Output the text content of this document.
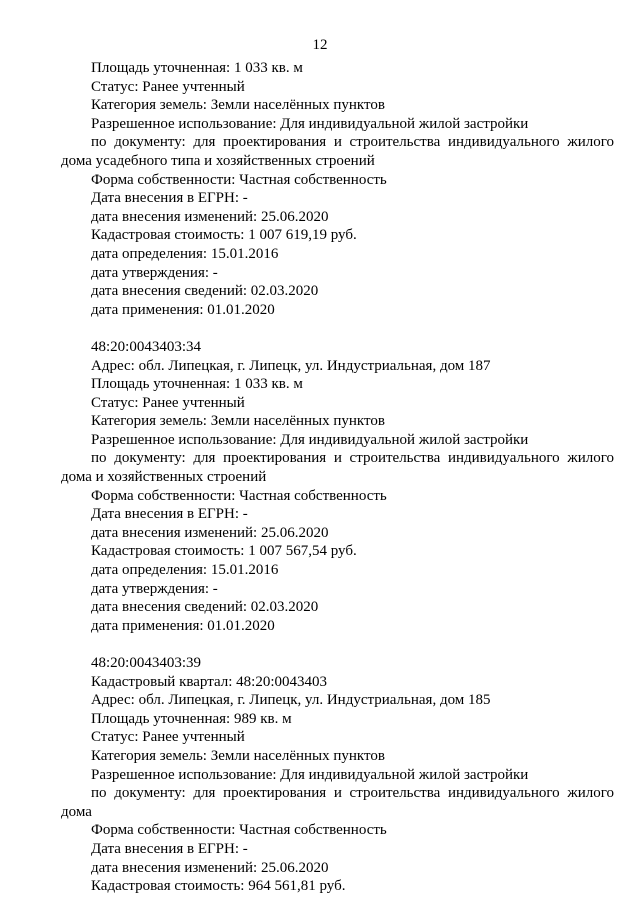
12
Площадь уточненная: 1 033 кв. м
Статус: Ранее учтенный
Категория земель: Земли населённых пунктов
Разрешенное использование: Для индивидуальной жилой застройки
по документу: для проектирования и строительства индивидуального жилого
дома усадебного типа и хозяйственных строений
Форма собственности: Частная собственность
Дата внесения в ЕГРН: -
дата внесения изменений: 25.06.2020
Кадастровая стоимость: 1 007 619,19 руб.
дата определения: 15.01.2016
дата утверждения: -
дата внесения сведений: 02.03.2020
дата применения: 01.01.2020
48:20:0043403:34
Адрес: обл. Липецкая, г. Липецк, ул. Индустриальная, дом 187
Площадь уточненная: 1 033 кв. м
Статус: Ранее учтенный
Категория земель: Земли населённых пунктов
Разрешенное использование: Для индивидуальной жилой застройки
по документу: для проектирования и строительства индивидуального жилого
дома и хозяйственных строений
Форма собственности: Частная собственность
Дата внесения в ЕГРН: -
дата внесения изменений: 25.06.2020
Кадастровая стоимость: 1 007 567,54 руб.
дата определения: 15.01.2016
дата утверждения: -
дата внесения сведений: 02.03.2020
дата применения: 01.01.2020
48:20:0043403:39
Кадастровый квартал: 48:20:0043403
Адрес: обл. Липецкая, г. Липецк, ул. Индустриальная, дом 185
Площадь уточненная: 989 кв. м
Статус: Ранее учтенный
Категория земель: Земли населённых пунктов
Разрешенное использование: Для индивидуальной жилой застройки
по документу: для проектирования и строительства индивидуального жилого
дома
Форма собственности: Частная собственность
Дата внесения в ЕГРН: -
дата внесения изменений: 25.06.2020
Кадастровая стоимость: 964 561,81 руб.
